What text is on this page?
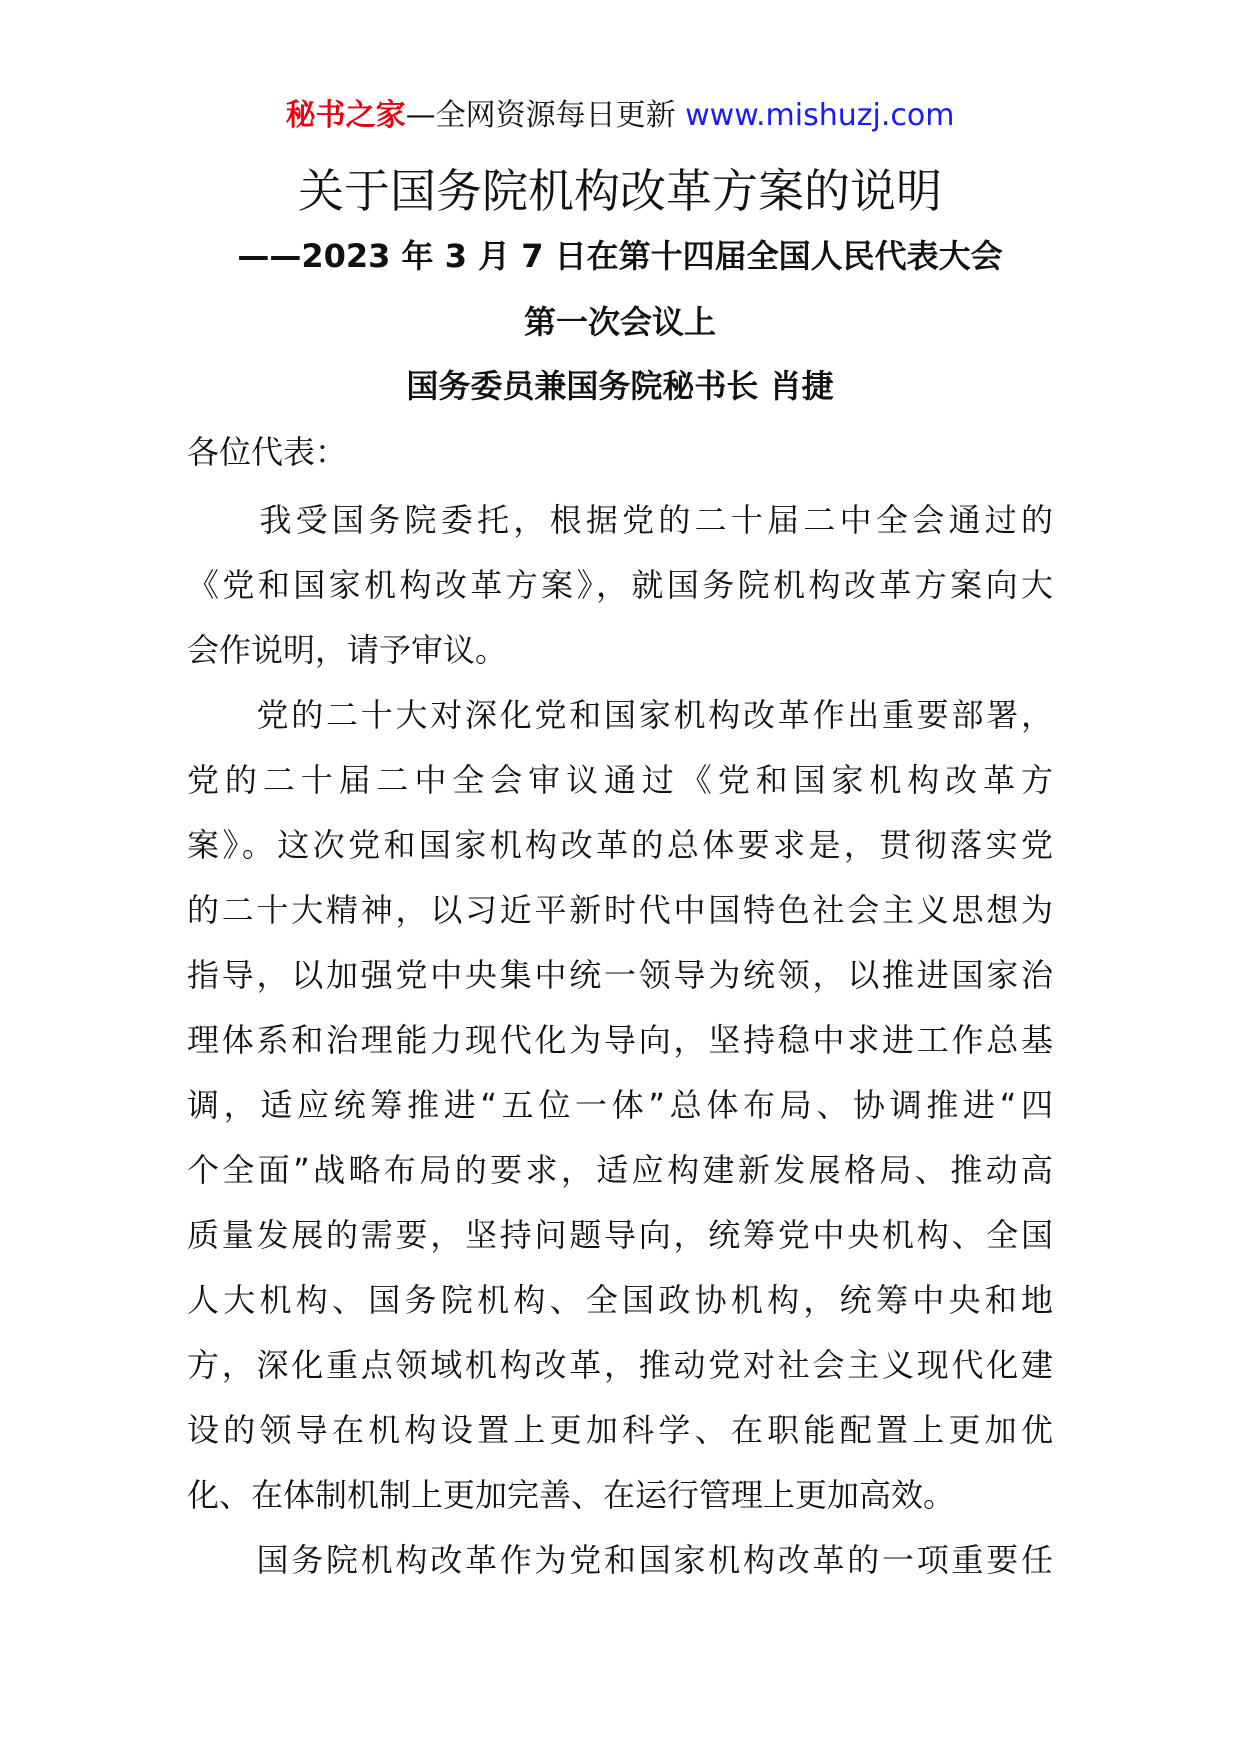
秘书之家—全网资源每日更新 www.mishuzj.com
关于国务院机构改革方案的说明
——2023 年 3 月 7 日在第十四届全国人民代表大会
第一次会议上
国务委员兼国务院秘书长 肖捷
各位代表：
　　我受国务院委托，根据党的二十届二中全会通过的
《党和国家机构改革方案》，就国务院机构改革方案向大
会作说明，请予审议。
　　党的二十大对深化党和国家机构改革作出重要部署，
党的二十届二中全会审议通过《党和国家机构改革方
案》。这次党和国家机构改革的总体要求是，贯彻落实党
的二十大精神，以习近平新时代中国特色社会主义思想为
指导，以加强党中央集中统一领导为统领，以推进国家治
理体系和治理能力现代化为导向，坚持稳中求进工作总基
调，适应统筹推进“五位一体”总体布局、协调推进“四
个全面”战略布局的要求，适应构建新发展格局、推动高
质量发展的需要，坚持问题导向，统筹党中央机构、全国
人大机构、国务院机构、全国政协机构，统筹中央和地
方，深化重点领域机构改革，推动党对社会主义现代化建
设的领导在机构设置上更加科学、在职能配置上更加优
化、在体制机制上更加完善、在运行管理上更加高效。
　　国务院机构改革作为党和国家机构改革的一项重要任
